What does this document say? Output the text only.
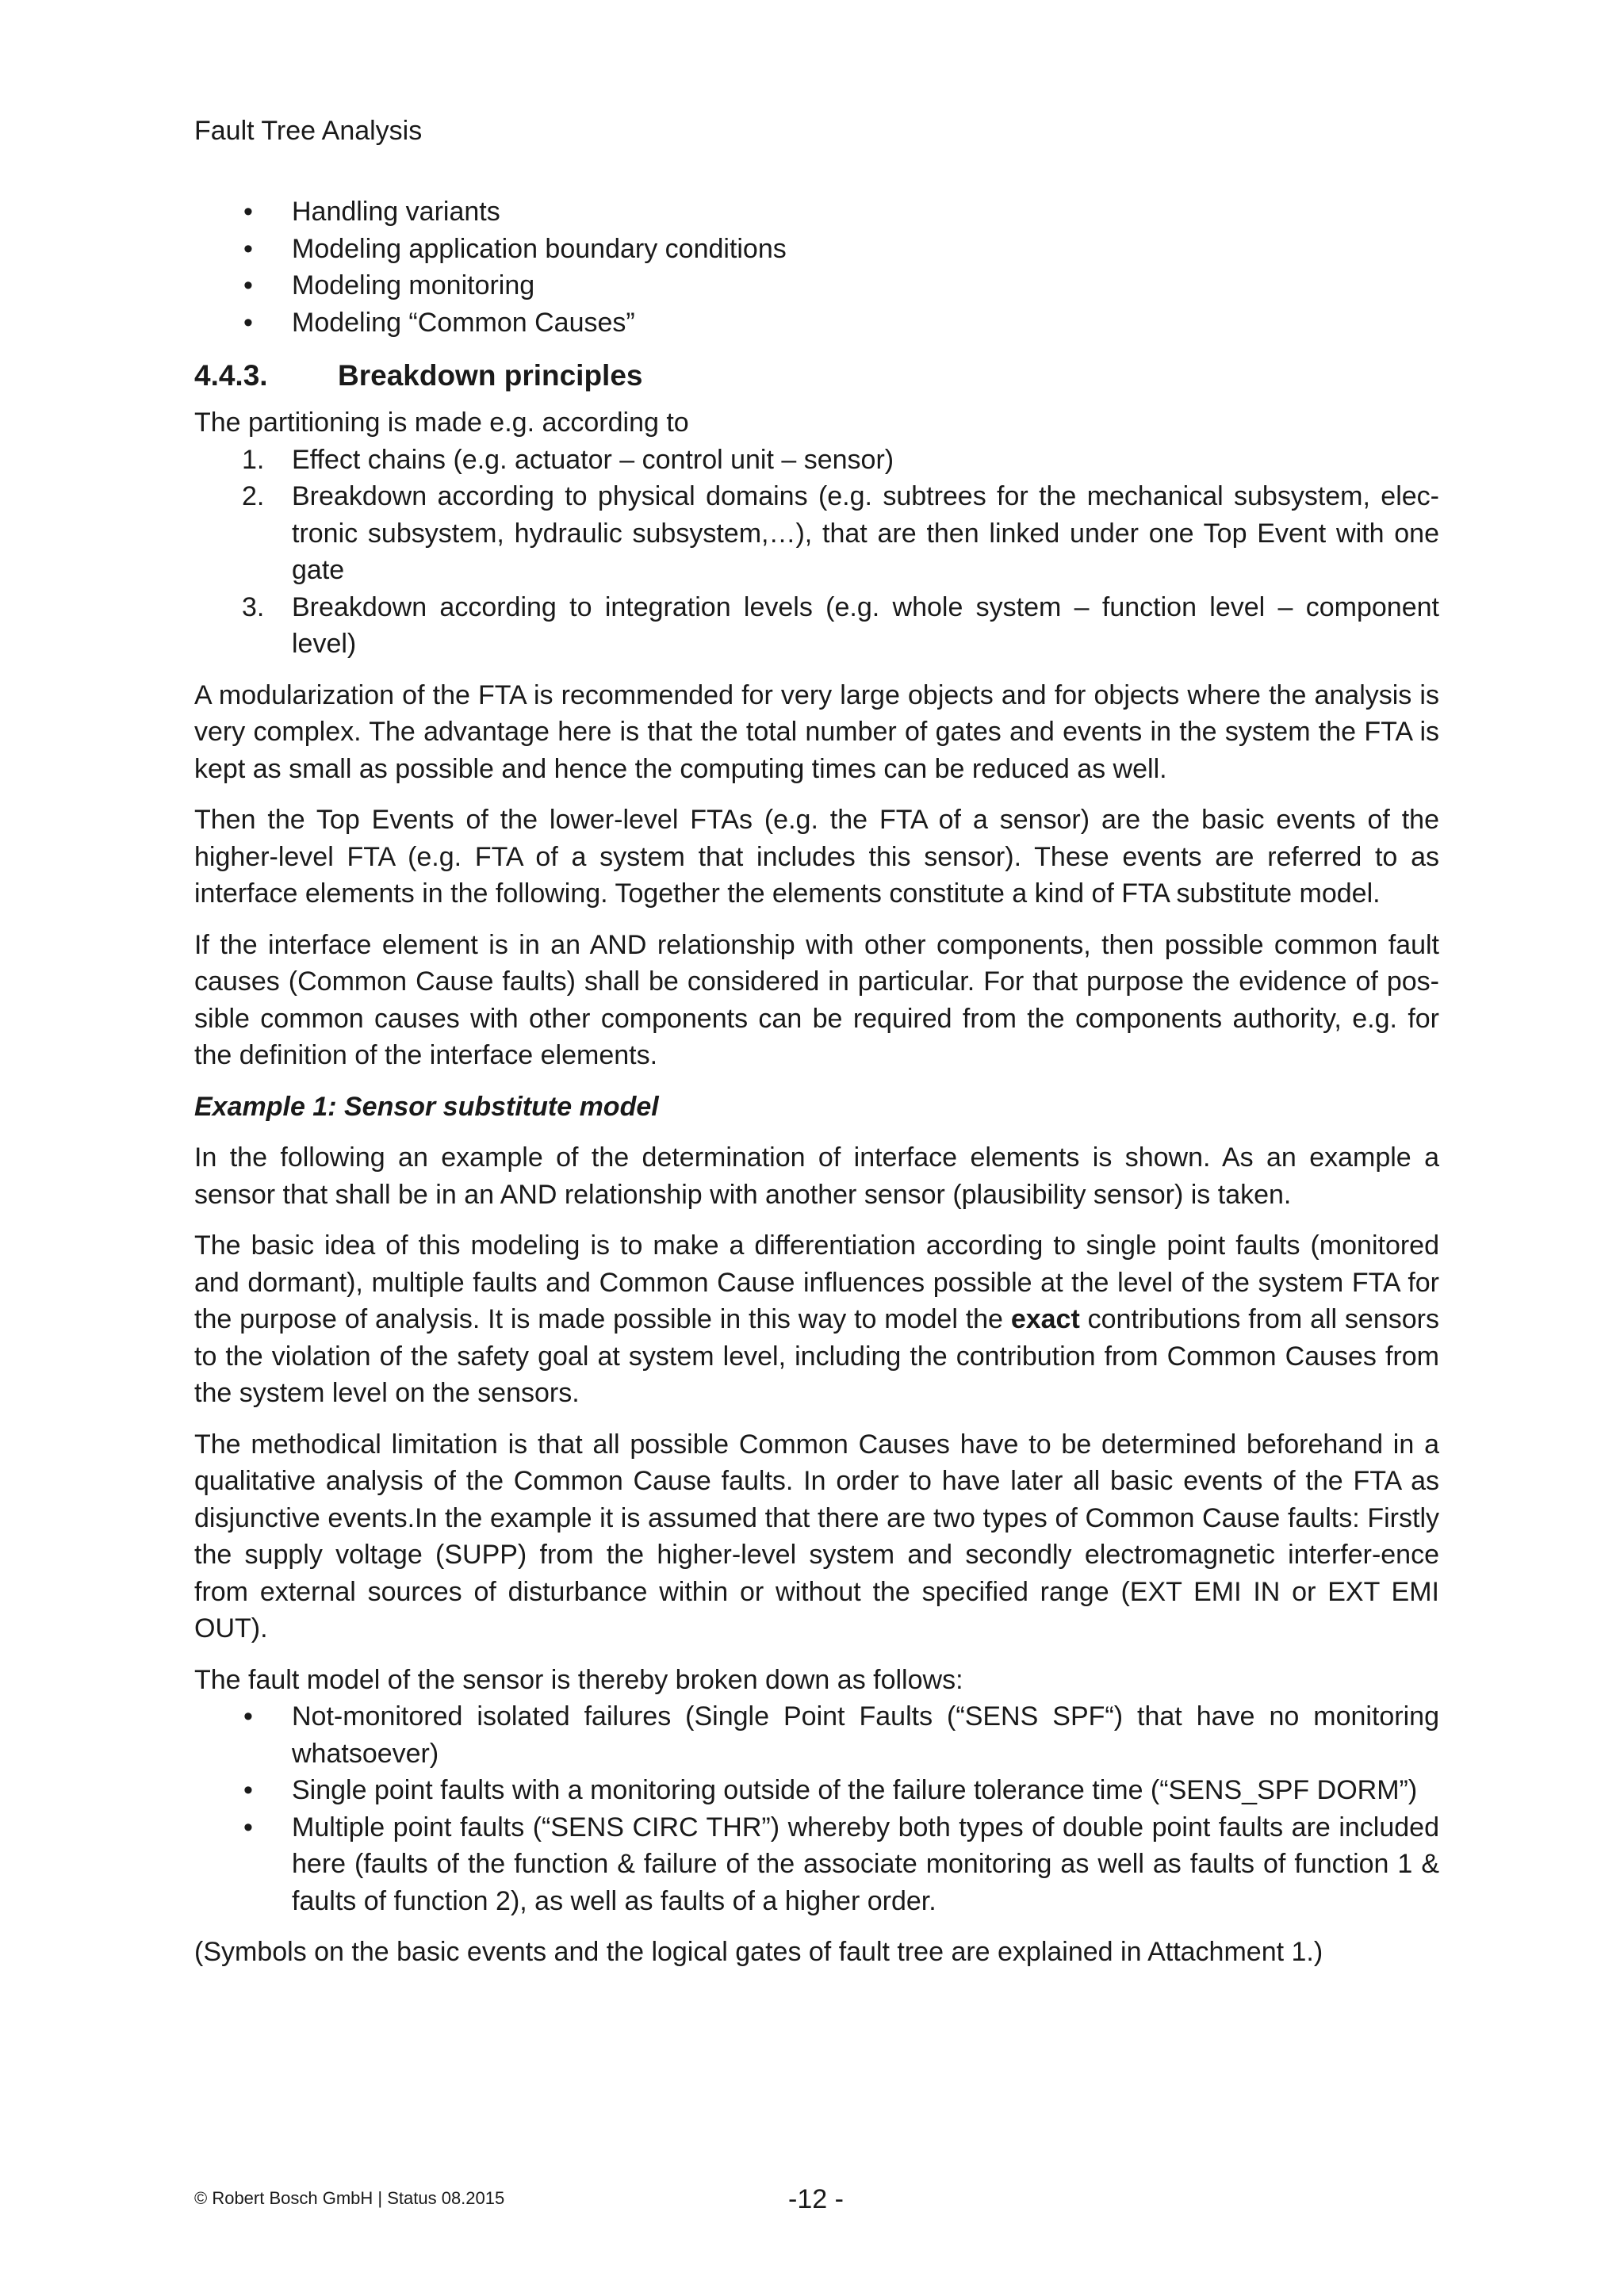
Fault Tree Analysis
• Handling variants
• Modeling application boundary conditions
• Modeling monitoring
• Modeling “Common Causes”
4.4.3. Breakdown principles

The partitioning is made e.g. according to

1. Effect chains (e.g. actuator – control unit – sensor)
2. Breakdown according to physical domains (e.g. subtrees for the mechanical subsystem, elec-tronic subsystem, hydraulic subsystem,…), that are then linked under one Top Event with one gate
3. Breakdown according to integration levels (e.g. whole system – function level – component level)

A modularization of the FTA is recommended for very large objects and for objects where the analysis is very complex. The advantage here is that the total number of gates and events in the system the FTA is kept as small as possible and hence the computing times can be reduced as well.

Then the Top Events of the lower-level FTAs (e.g. the FTA of a sensor) are the basic events of the higher-level FTA (e.g. FTA of a system that includes this sensor). These events are referred to as interface elements in the following. Together the elements constitute a kind of FTA substitute model.

If the interface element is in an AND relationship with other components, then possible common fault causes (Common Cause faults) shall be considered in particular. For that purpose the evidence of pos-sible common causes with other components can be required from the components authority, e.g. for the definition of the interface elements.

Example 1: Sensor substitute model

In the following an example of the determination of interface elements is shown. As an example a sensor that shall be in an AND relationship with another sensor (plausibility sensor) is taken.

The basic idea of this modeling is to make a differentiation according to single point faults (monitored and dormant), multiple faults and Common Cause influences possible at the level of the system FTA for the purpose of analysis. It is made possible in this way to model the exact contributions from all sensors to the violation of the safety goal at system level, including the contribution from Common Causes from the system level on the sensors.

The methodical limitation is that all possible Common Causes have to be determined beforehand in a qualitative analysis of the Common Cause faults. In order to have later all basic events of the FTA as disjunctive events.In the example it is assumed that there are two types of Common Cause faults: Firstly the supply voltage (SUPP) from the higher-level system and secondly electromagnetic interfer-ence from external sources of disturbance within or without the specified range (EXT EMI IN or EXT EMI OUT).

The fault model of the sensor is thereby broken down as follows:

• Not-monitored isolated failures (Single Point Faults (“SENS SPF“) that have no monitoring whatsoever)
• Single point faults with a monitoring outside of the failure tolerance time (“SENS_SPF DORM”)
• Multiple point faults (“SENS CIRC THR”) whereby both types of double point faults are included here (faults of the function & failure of the associate monitoring as well as faults of function 1 & faults of function 2), as well as faults of a higher order.

(Symbols on the basic events and the logical gates of fault tree are explained in Attachment 1.)

© Robert Bosch GmbH | Status 08.2015	-12 -
